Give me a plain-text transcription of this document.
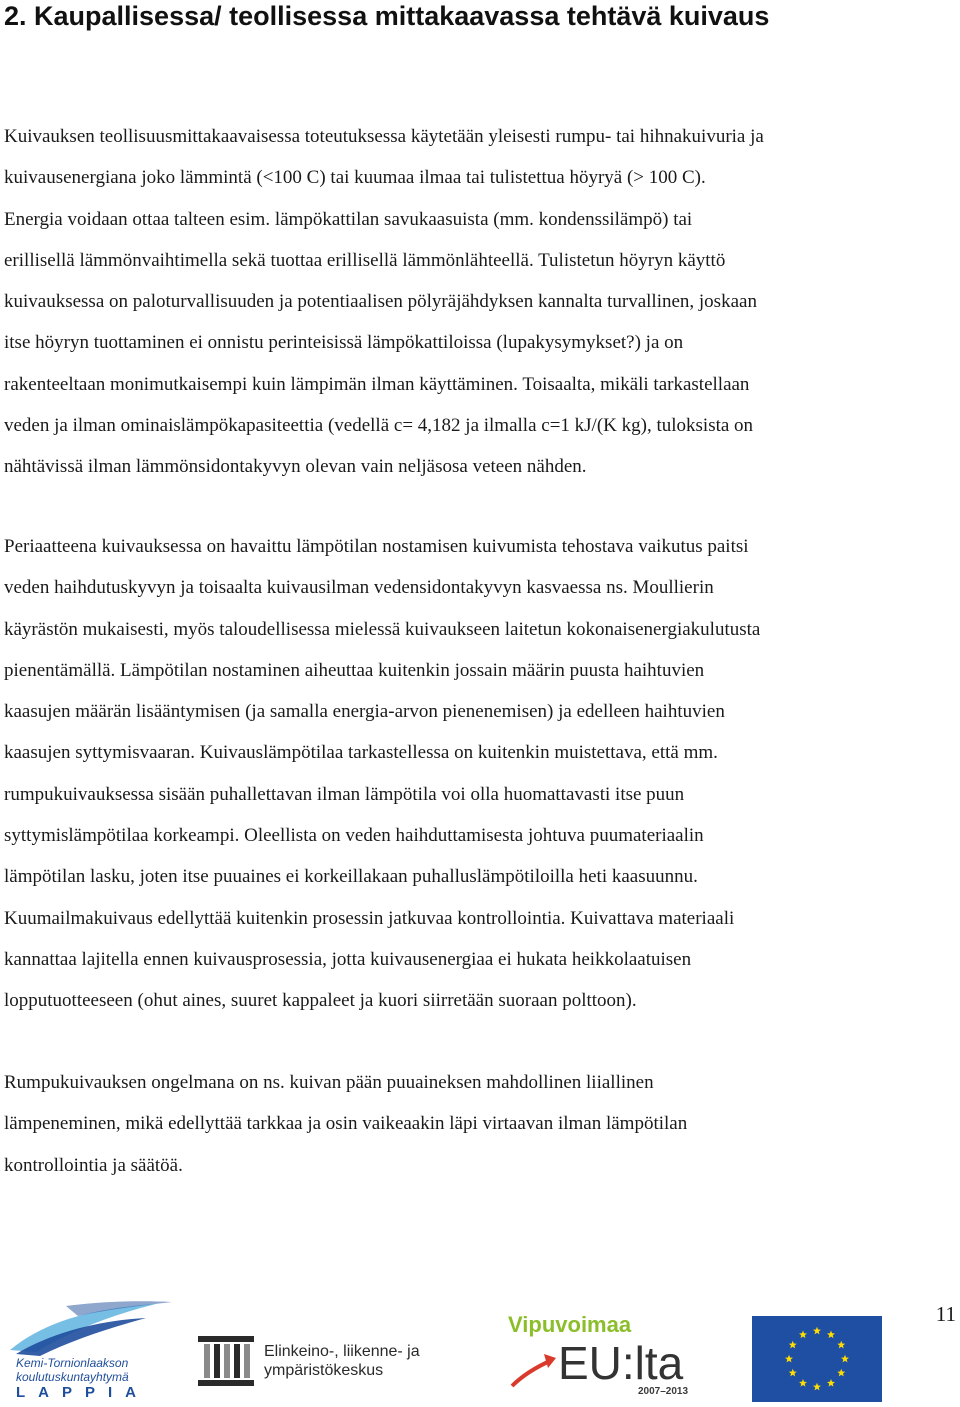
2. Kaupallisessa/ teollisessa mittakaavassa tehtävä kuivaus
Kuivauksen teollisuusmittakaavaisessa toteutuksessa käytetään yleisesti rumpu- tai hihnakuivuria ja
kuivausenergiana joko lämmintä (<100 C) tai kuumaa ilmaa tai tulistettua höyryä (> 100 C).
Energia voidaan ottaa talteen esim. lämpökattilan savukaasuista (mm. kondenssilämpö) tai
erillisellä lämmönvaihtimella sekä tuottaa erillisellä lämmönlähteellä. Tulistetun höyryn käyttö
kuivauksessa on paloturvallisuuden ja potentiaalisen pölyräjähdyksen kannalta turvallinen, joskaan
itse höyryn tuottaminen ei onnistu perinteisissä lämpökattiloissa (lupakysymykset?) ja on
rakenteeltaan monimutkaisempi kuin lämpimän ilman käyttäminen. Toisaalta, mikäli tarkastellaan
veden ja ilman ominaislämpökapasiteettia (vedellä c= 4,182 ja ilmalla c=1 kJ/(K kg), tuloksista on
nähtävissä ilman lämmönsidontakyvyn olevan vain neljäsosa veteen nähden.
Periaatteena kuivauksessa on havaittu lämpötilan nostamisen kuivumista tehostava vaikutus paitsi
veden haihdutuskyvyn ja toisaalta kuivausilman vedensidontakyvyn kasvaessa ns. Moullierin
käyrästön mukaisesti, myös taloudellisessa mielessä kuivaukseen laitetun kokonaisenergiakulutusta
pienentämällä. Lämpötilan nostaminen aiheuttaa kuitenkin jossain määrin puusta haihtuvien
kaasujen määrän lisääntymisen (ja samalla energia-arvon pienenemisen) ja edelleen haihtuvien
kaasujen syttymisvaaran. Kuivauslämpötilaa tarkastellessa on kuitenkin muistettava, että mm.
rumpukuivauksessa sisään puhallettavan ilman lämpötila voi olla huomattavasti itse puun
syttymislämpötilaa korkeampi. Oleellista on veden haihduttamisesta johtuva puumateriaalin
lämpötilan lasku, joten itse puuaines ei korkeillakaan puhalluslämpötiloilla heti kaasuunnu.
Kuumailmakuivaus edellyttää kuitenkin prosessin jatkuvaa kontrollointia. Kuivattava materiaali
kannattaa lajitella ennen kuivausprosessia, jotta kuivausenergiaa ei hukata heikkolaatuisen
lopputuotteeseen (ohut aines, suuret kappaleet ja kuori siirretään suoraan polttoon).
Rumpukuivauksen ongelmana on ns. kuivan pään puuaineksen mahdollinen liiallinen
lämpeneminen, mikä edellyttää tarkkaa ja osin vaikeaakin läpi virtaavan ilman lämpötilan
kontrollointia ja säätöä.
11
Kemi-Tornionlaakson
koulutuskuntayhtymä
LAPPIA
Elinkeino-, liikenne- ja
ympäristökeskus
Vipuvoimaa
EU:lta
2007–2013
